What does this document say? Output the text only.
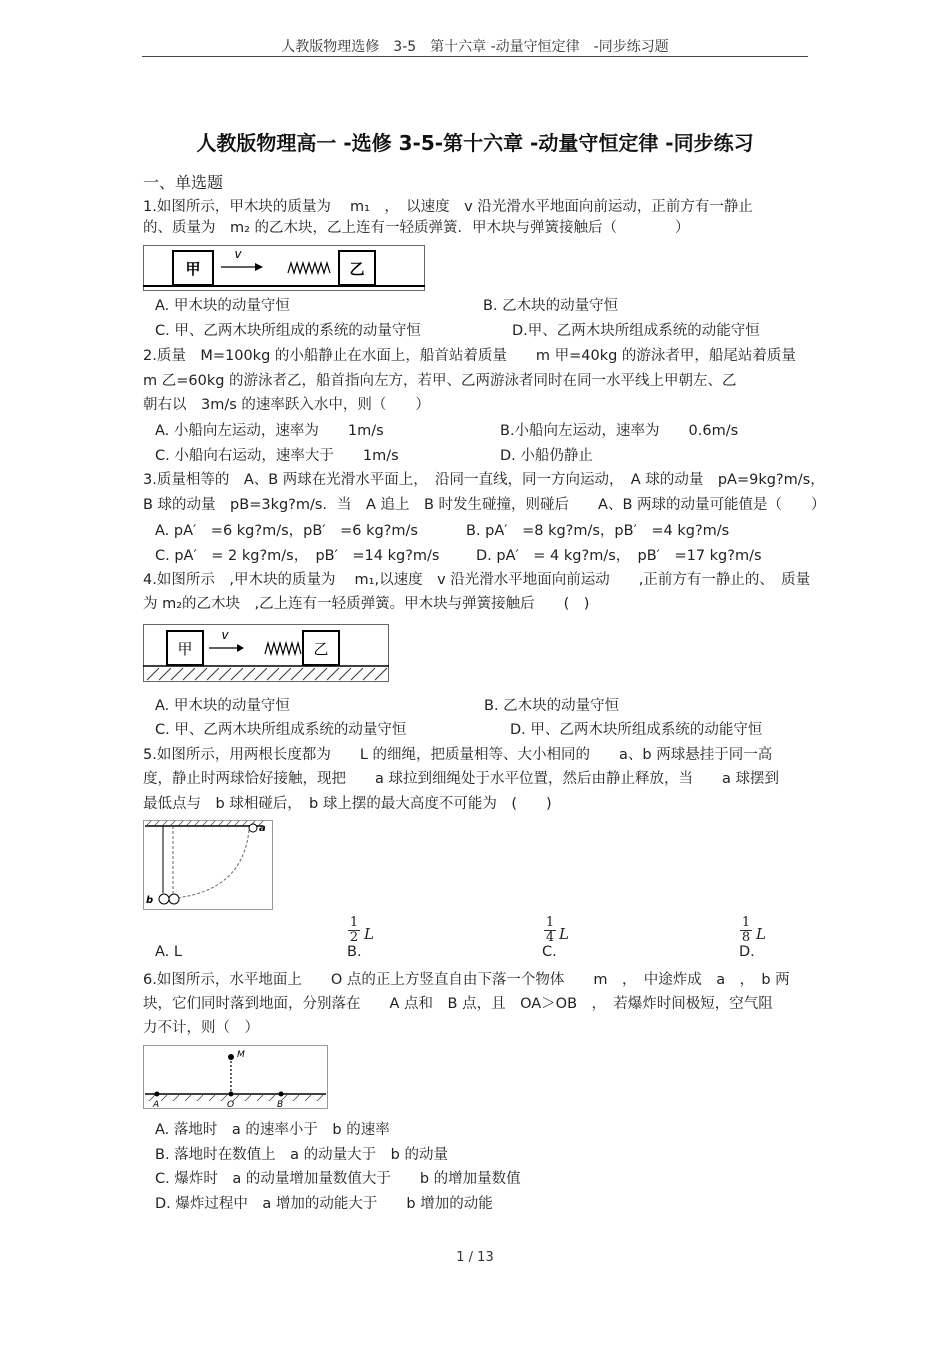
人教版物理选修　3-5　第十六章 -动量守恒定律　-同步练习题
人教版物理高一 -选修 3-5-第十六章 -动量守恒定律 -同步练习
一、单选题
1.如图所示，甲木块的质量为　 m₁　，　以速度　v 沿光滑水平地面向前运动，正前方有一静止
的、质量为　m₂ 的乙木块，乙上连有一轻质弹簧．甲木块与弹簧接触后（　　　　）
甲
v
乙
A. 甲木块的动量守恒	B. 乙木块的动量守恒
C. 甲、乙两木块所组成的系统的动量守恒	D.甲、乙两木块所组成系统的动能守恒
2.质量　M=100kg 的小船静止在水面上，船首站着质量　　m 甲=40kg 的游泳者甲，船尾站着质量
m 乙=60kg 的游泳者乙，船首指向左方，若甲、乙两游泳者同时在同一水平线上甲朝左、乙
朝右以　3m/s 的速率跃入水中，则（　　）
A. 小船向左运动，速率为　　1m/s	B.小船向左运动，速率为　　0.6m/s
C. 小船向右运动，速率大于　　1m/s	D. 小船仍静止
3.质量相等的　A、B 两球在光滑水平面上，　沿同一直线，同一方向运动，　A 球的动量　pA=9kg?m/s，
B 球的动量　pB=3kg?m/s．当　A 追上　B 时发生碰撞，则碰后　　A、B 两球的动量可能值是（　　）
A. pA′　=6 kg?m/s，pB′　=6 kg?m/s	B. pA′　=8 kg?m/s，pB′　=4 kg?m/s
C. pA′　= 2 kg?m/s，　pB′　=14 kg?m/s	D. pA′　= 4 kg?m/s，　pB′　=17 kg?m/s
4.如图所示　,甲木块的质量为　 m₁,以速度　v 沿光滑水平地面向前运动　　,正前方有一静止的、　质量
为 m₂的乙木块　,乙上连有一轻质弹簧。甲木块与弹簧接触后　　(　)
甲
v
乙
A. 甲木块的动量守恒	B. 乙木块的动量守恒
C. 甲、乙两木块所组成系统的动量守恒	D. 甲、乙两木块所组成系统的动能守恒
5.如图所示，用两根长度都为　　L 的细绳，把质量相等、大小相同的　　a、b 两球悬挂于同一高
度，静止时两球恰好接触，现把　　a 球拉到细绳处于水平位置，然后由静止释放，当　　a 球摆到
最低点与　b 球相碰后，　b 球上摆的最大高度不可能为　(　　)
a
b
A. L	B.
1
2 L
C.
1
4 L
D.
1
8 L
6.如图所示，水平地面上　　O 点的正上方竖直自由下落一个物体　　m　，　中途炸成　a　，　b 两
块，它们同时落到地面，分别落在　　A 点和　B 点，且　OA＞OB　，　若爆炸时间极短，空气阻
力不计，则（　）
M
A	O	B
A. 落地时　a 的速率小于　b 的速率
B. 落地时在数值上　a 的动量大于　b 的动量
C. 爆炸时　a 的动量增加量数值大于　　b 的增加量数值
D. 爆炸过程中　a 增加的动能大于　　b 增加的动能
1 / 13
